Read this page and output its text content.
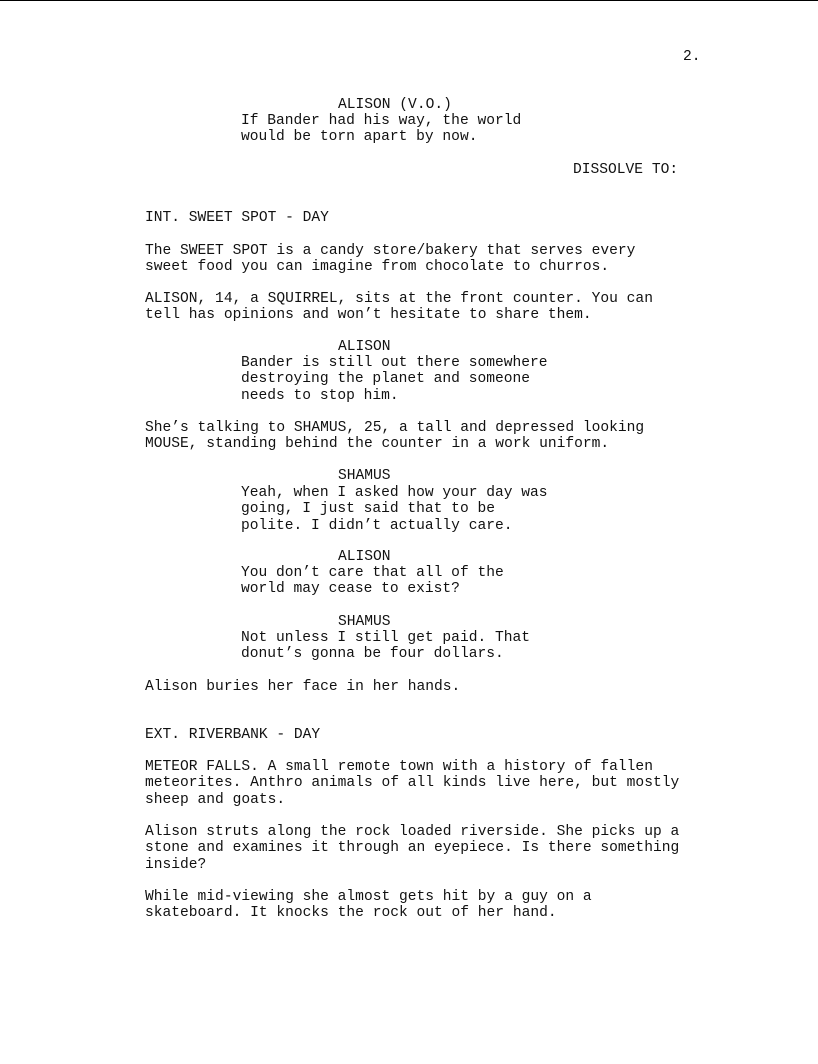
2.
ALISON (V.O.)
If Bander had his way, the world
would be torn apart by now.
DISSOLVE TO:
INT. SWEET SPOT - DAY
The SWEET SPOT is a candy store/bakery that serves every
sweet food you can imagine from chocolate to churros.
ALISON, 14, a SQUIRREL, sits at the front counter. You can
tell has opinions and won’t hesitate to share them.
ALISON
Bander is still out there somewhere
destroying the planet and someone
needs to stop him.
She’s talking to SHAMUS, 25, a tall and depressed looking
MOUSE, standing behind the counter in a work uniform.
SHAMUS
Yeah, when I asked how your day was
going, I just said that to be
polite. I didn’t actually care.
ALISON
You don’t care that all of the
world may cease to exist?
SHAMUS
Not unless I still get paid. That
donut’s gonna be four dollars.
Alison buries her face in her hands.
EXT. RIVERBANK - DAY
METEOR FALLS. A small remote town with a history of fallen
meteorites. Anthro animals of all kinds live here, but mostly
sheep and goats.
Alison struts along the rock loaded riverside. She picks up a
stone and examines it through an eyepiece. Is there something
inside?
While mid-viewing she almost gets hit by a guy on a
skateboard. It knocks the rock out of her hand.
